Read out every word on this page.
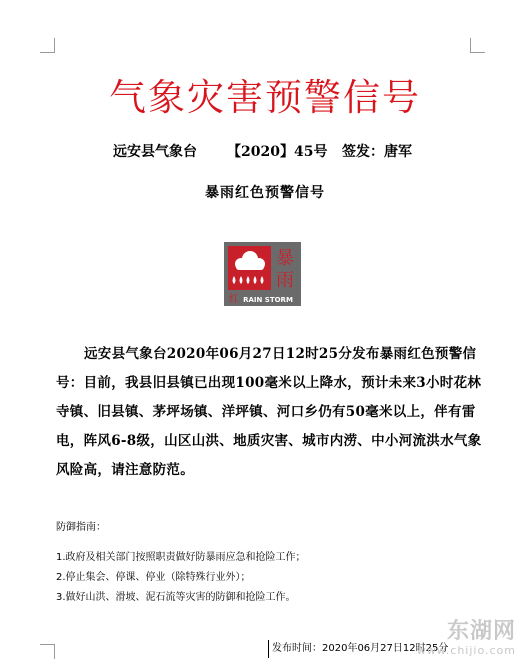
气象灾害预警信号
远安县气象台 【2020】45号 签发：唐军
暴雨红色预警信号
暴
雨
红 RAIN STORM

远安县气象台2020年06月27日12时25分发布暴雨红色预警信号：目前，我县旧县镇已出现100毫米以上降水，预计未来3小时花林寺镇、旧县镇、茅坪场镇、洋坪镇、河口乡仍有50毫米以上，伴有雷电，阵风6-8级，山区山洪、地质灾害、城市内涝、中小河流洪水气象风险高，请注意防范。

防御指南：
1.政府及相关部门按照职责做好防暴雨应急和抢险工作；
2.停止集会、停课、停业（除特殊行业外）；
3.做好山洪、滑坡、泥石流等灾害的防御和抢险工作。
发布时间：2020年06月27日12时25分
东湖网
www.chijio.com
